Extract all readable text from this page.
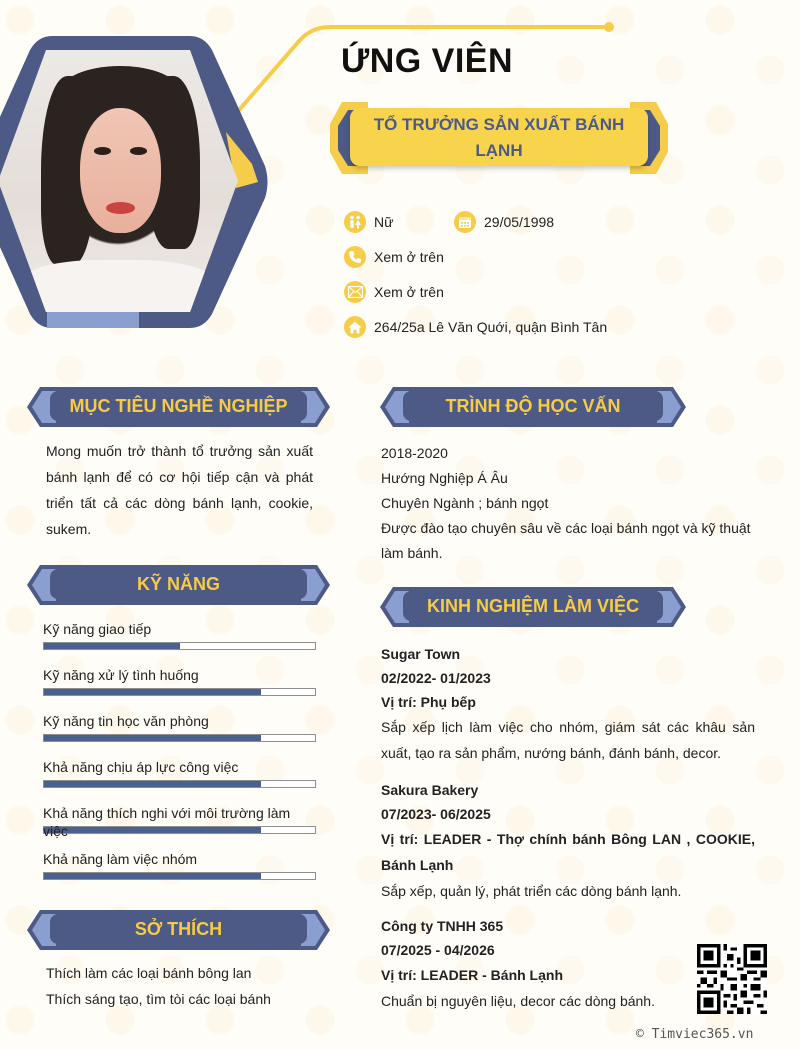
ỨNG VIÊN
TỔ TRƯỞNG SẢN XUẤT BÁNH LẠNH
Nữ	29/05/1998
Xem ở trên
Xem ở trên
264/25a Lê Văn Quới, quận Bình Tân
MỤC TIÊU NGHỀ NGHIỆP
Mong muốn trở thành tổ trưởng sản xuất bánh lạnh để có cơ hội tiếp cận và phát triển tất cả các dòng bánh lạnh, cookie, sukem.
KỸ NĂNG
Kỹ năng giao tiếp
Kỹ năng xử lý tình huống
Kỹ năng tin học văn phòng
Khả năng chịu áp lực công việc
Khả năng thích nghi với môi trường làm việc
Khả năng làm việc nhóm
SỞ THÍCH
Thích làm các loại bánh bông lan
Thích sáng tạo, tìm tòi các loại bánh
TRÌNH ĐỘ HỌC VẤN
2018-2020
Hướng Nghiệp Á Âu
Chuyên Ngành ; bánh ngọt
Được đào tạo chuyên sâu về các loại bánh ngọt và kỹ thuật làm bánh.
KINH NGHIỆM LÀM VIỆC
Sugar Town
02/2022- 01/2023
Vị trí: Phụ bếp
Sắp xếp lịch làm việc cho nhóm, giám sát các khâu sản xuất, tạo ra sản phẩm, nướng bánh, đánh bánh, decor.
Sakura Bakery
07/2023- 06/2025
Vị trí: LEADER - Thợ chính bánh Bông LAN , COOKIE, Bánh Lạnh
Sắp xếp, quản lý, phát triển các dòng bánh lạnh.
Công ty TNHH 365
07/2025 - 04/2026
Vị trí: LEADER - Bánh Lạnh
Chuẩn bị nguyên liệu, decor các dòng bánh.
© Timviec365.vn
